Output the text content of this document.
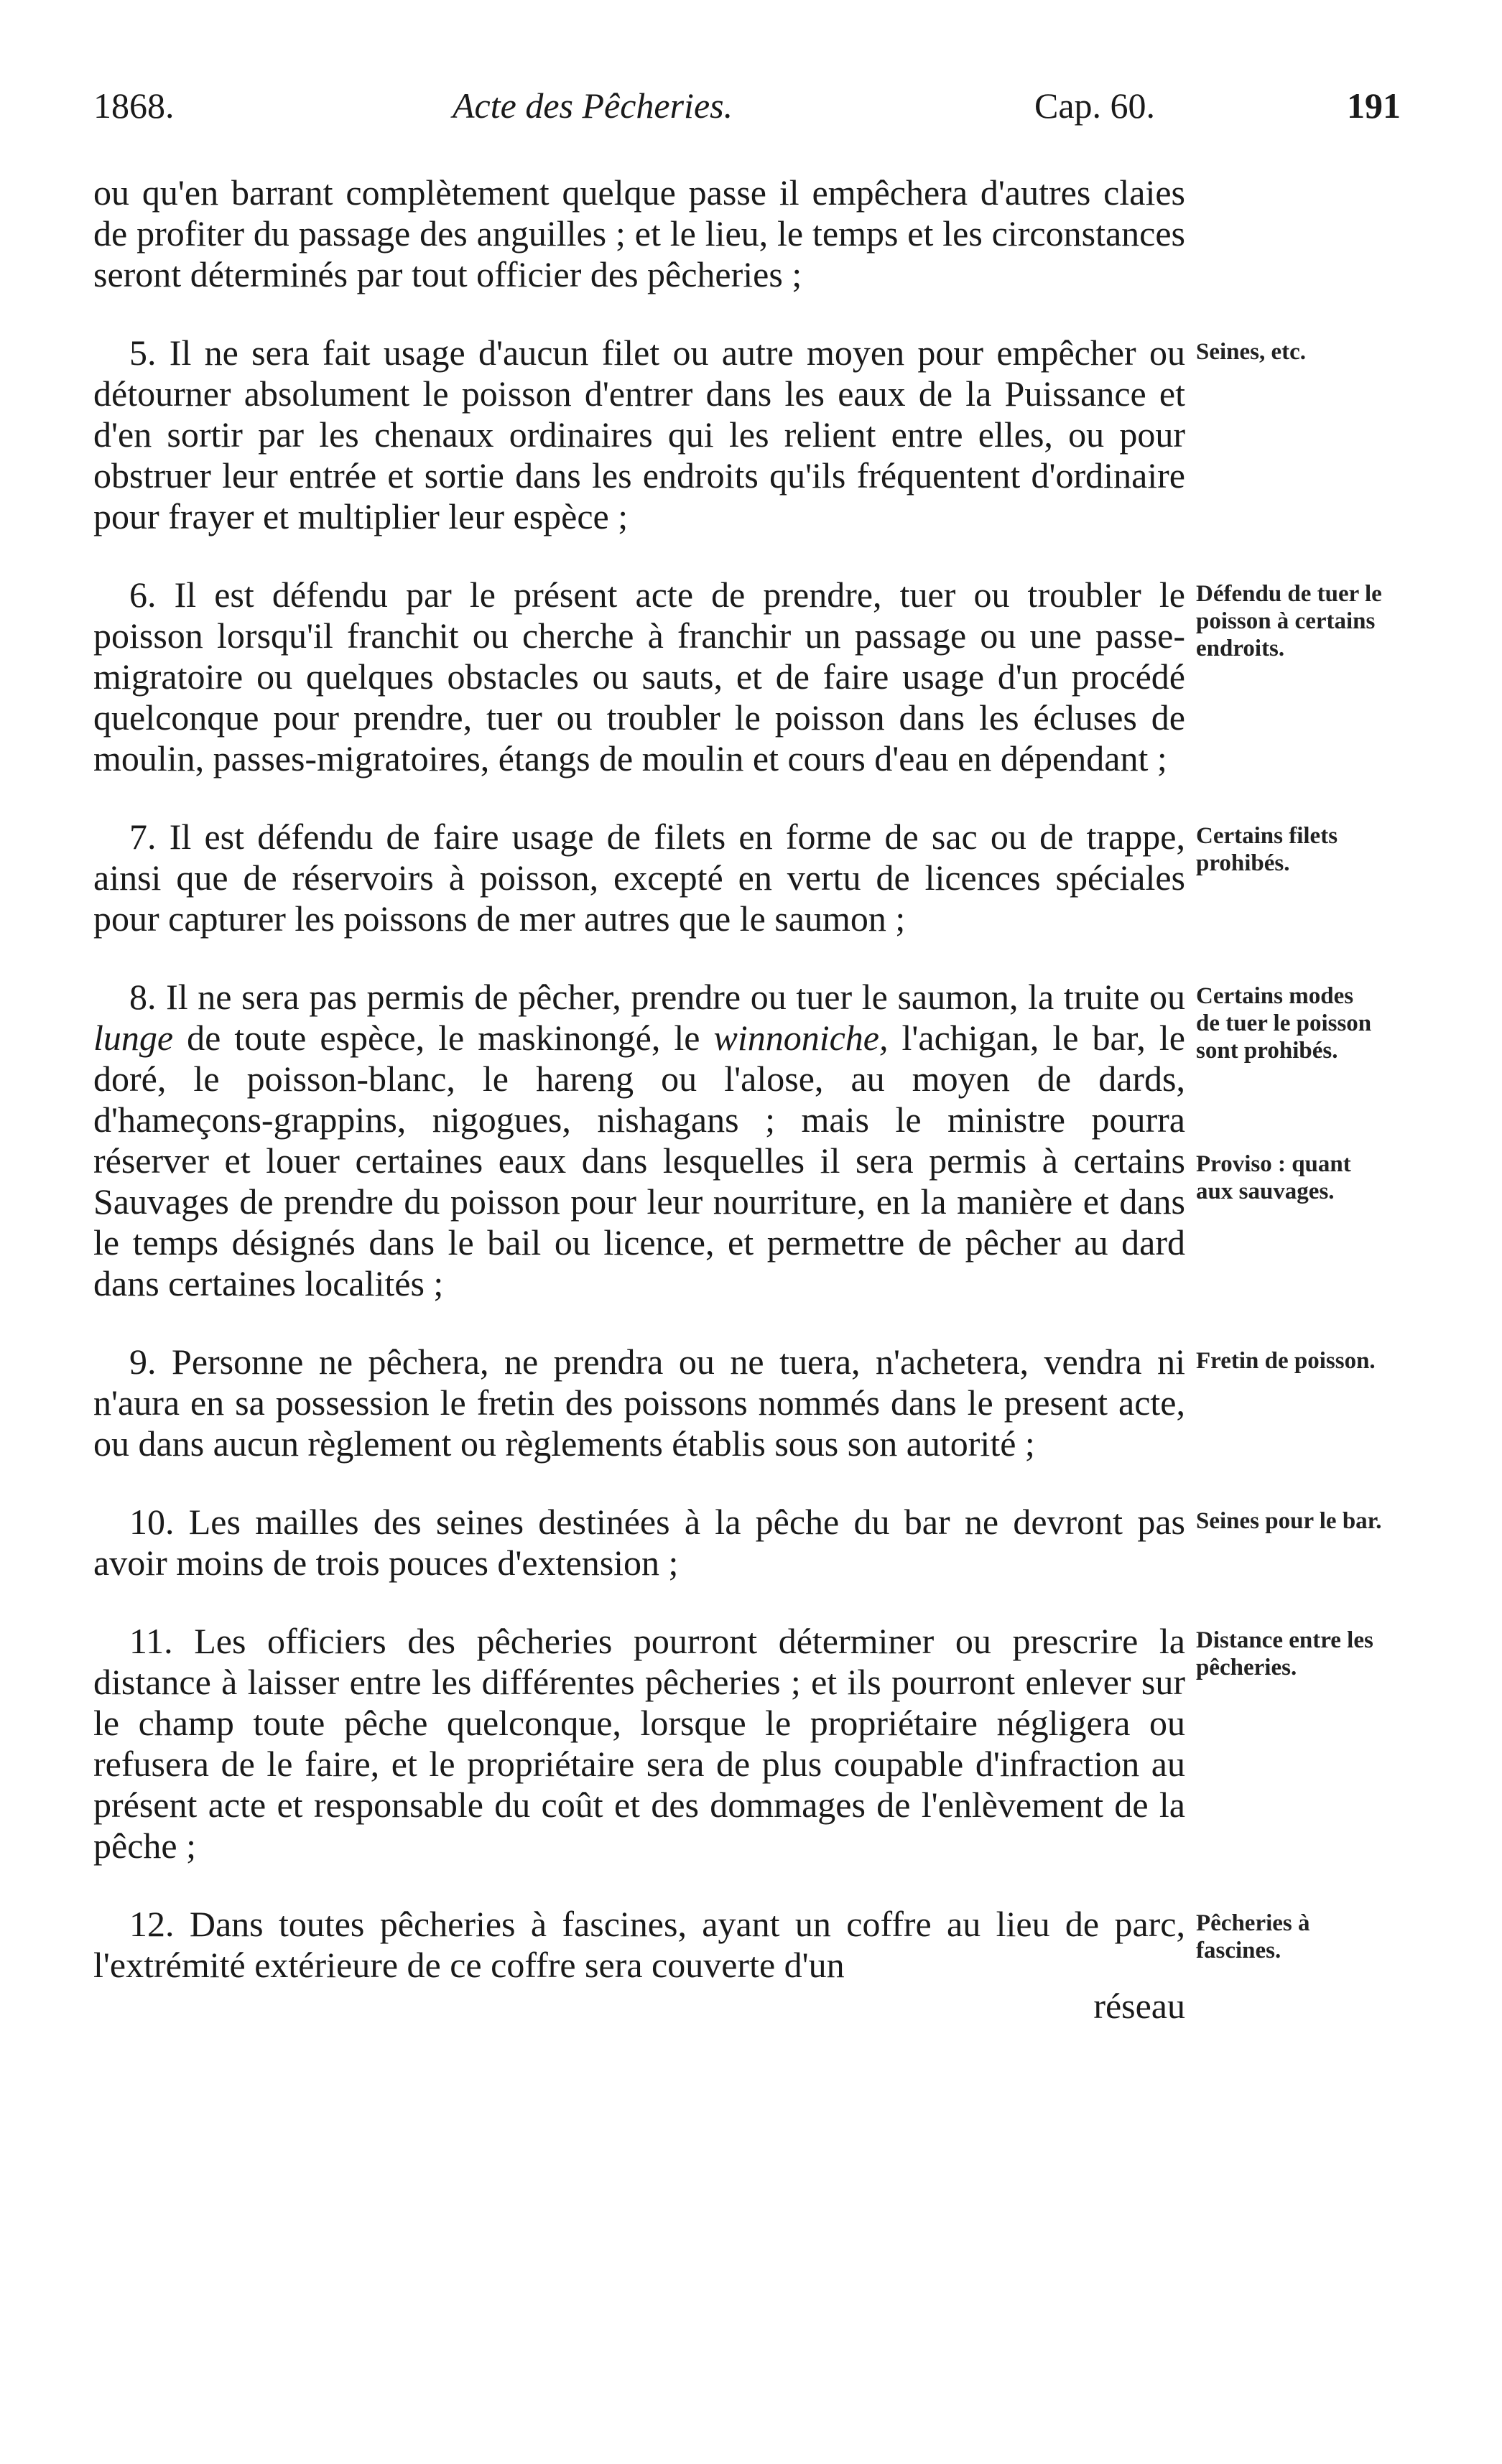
1868.	Acte des Pêcheries.	Cap. 60.	191

ou qu'en barrant complètement quelque passe il empêchera d'autres claies de profiter du passage des anguilles ; et le lieu, le temps et les circonstances seront déterminés par tout officier des pêcheries ;

5. Il ne sera fait usage d'aucun filet ou autre moyen pour empêcher ou détourner absolument le poisson d'entrer dans les eaux de la Puissance et d'en sortir par les chenaux ordinaires qui les relient entre elles, ou pour obstruer leur entrée et sortie dans les endroits qu'ils fréquentent d'ordinaire pour frayer et multiplier leur espèce ;

Seines, etc.

6. Il est défendu par le présent acte de prendre, tuer ou troubler le poisson lorsqu'il franchit ou cherche à franchir un passage ou une passe-migratoire ou quelques obstacles ou sauts, et de faire usage d'un procédé quelconque pour prendre, tuer ou troubler le poisson dans les écluses de moulin, passes-migratoires, étangs de moulin et cours d'eau en dépendant ;

Défendu de tuer le poisson à certains endroits.

7. Il est défendu de faire usage de filets en forme de sac ou de trappe, ainsi que de réservoirs à poisson, excepté en vertu de licences spéciales pour capturer les poissons de mer autres que le saumon ;

Certains filets prohibés.

8. Il ne sera pas permis de pêcher, prendre ou tuer le saumon, la truite ou lunge de toute espèce, le maskinongé, le winnoniche, l'achigan, le bar, le doré, le poisson-blanc, le hareng ou l'alose, au moyen de dards, d'hameçons-grappins, nigogues, nishagans ; mais le ministre pourra réserver et louer certaines eaux dans lesquelles il sera permis à certains Sauvages de prendre du poisson pour leur nourriture, en la manière et dans le temps désignés dans le bail ou licence, et permettre de pêcher au dard dans certaines localités ;

Certains modes de tuer le poisson sont prohibés.
Proviso : quant aux sauvages.

9. Personne ne pêchera, ne prendra ou ne tuera, n'achetera, vendra ni n'aura en sa possession le fretin des poissons nommés dans le present acte, ou dans aucun règlement ou règlements établis sous son autorité ;

Fretin de poisson.

10. Les mailles des seines destinées à la pêche du bar ne devront pas avoir moins de trois pouces d'extension ;

Seines pour le bar.

11. Les officiers des pêcheries pourront déterminer ou prescrire la distance à laisser entre les différentes pêcheries ; et ils pourront enlever sur le champ toute pêche quelconque, lorsque le propriétaire négligera ou refusera de le faire, et le propriétaire sera de plus coupable d'infraction au présent acte et responsable du coût et des dommages de l'enlèvement de la pêche ;

Distance entre les pêcheries.

12. Dans toutes pêcheries à fascines, ayant un coffre au lieu de parc, l'extrémité extérieure de ce coffre sera couverte d'un

réseau

Pêcheries à fascines.
